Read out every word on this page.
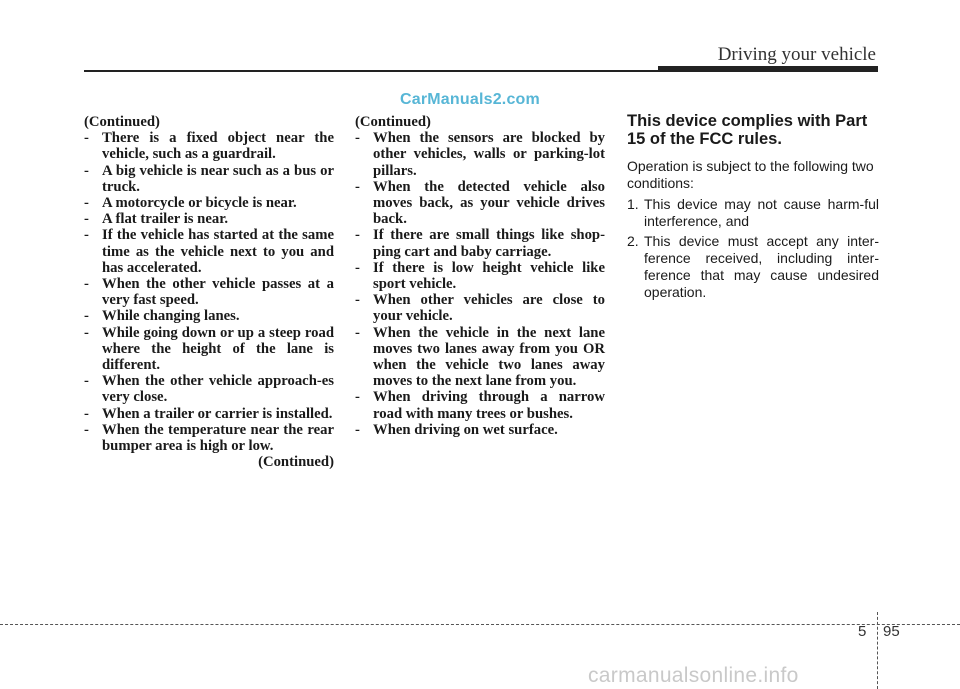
Driving your vehicle
CarManuals2.com

(Continued)

- There is a fixed object near the vehicle, such as a guardrail.
- A big vehicle is near such as a bus or truck.
- A motorcycle or bicycle is near.
- A flat trailer is near.
- If the vehicle has started at the same time as the vehicle next to you and has accelerated.
- When the other vehicle passes at a very fast speed.
- While changing lanes.
- While going down or up a steep road where the height of the lane is different.
- When the other vehicle approach-es very close.
- When a trailer or carrier is installed.
- When the temperature near the rear bumper area is high or low.

(Continued)

(Continued)

- When the sensors are blocked by other vehicles, walls or parking-lot pillars.
- When the detected vehicle also moves back, as your vehicle drives back.
- If there are small things like shop-ping cart and baby carriage.
- If there is low height vehicle like sport vehicle.
- When other vehicles are close to your vehicle.
- When the vehicle in the next lane moves two lanes away from you OR when the vehicle two lanes away moves to the next lane from you.
- When driving through a narrow road with many trees or bushes.
- When driving on wet surface.
This device complies with Part 15 of the FCC rules.

Operation is subject to the following two conditions:

1. This device may not cause harm-ful interference, and
2. This device must accept any inter-ference received, including inter-ference that may cause undesired operation.
5 95
carmanualsonline.info
